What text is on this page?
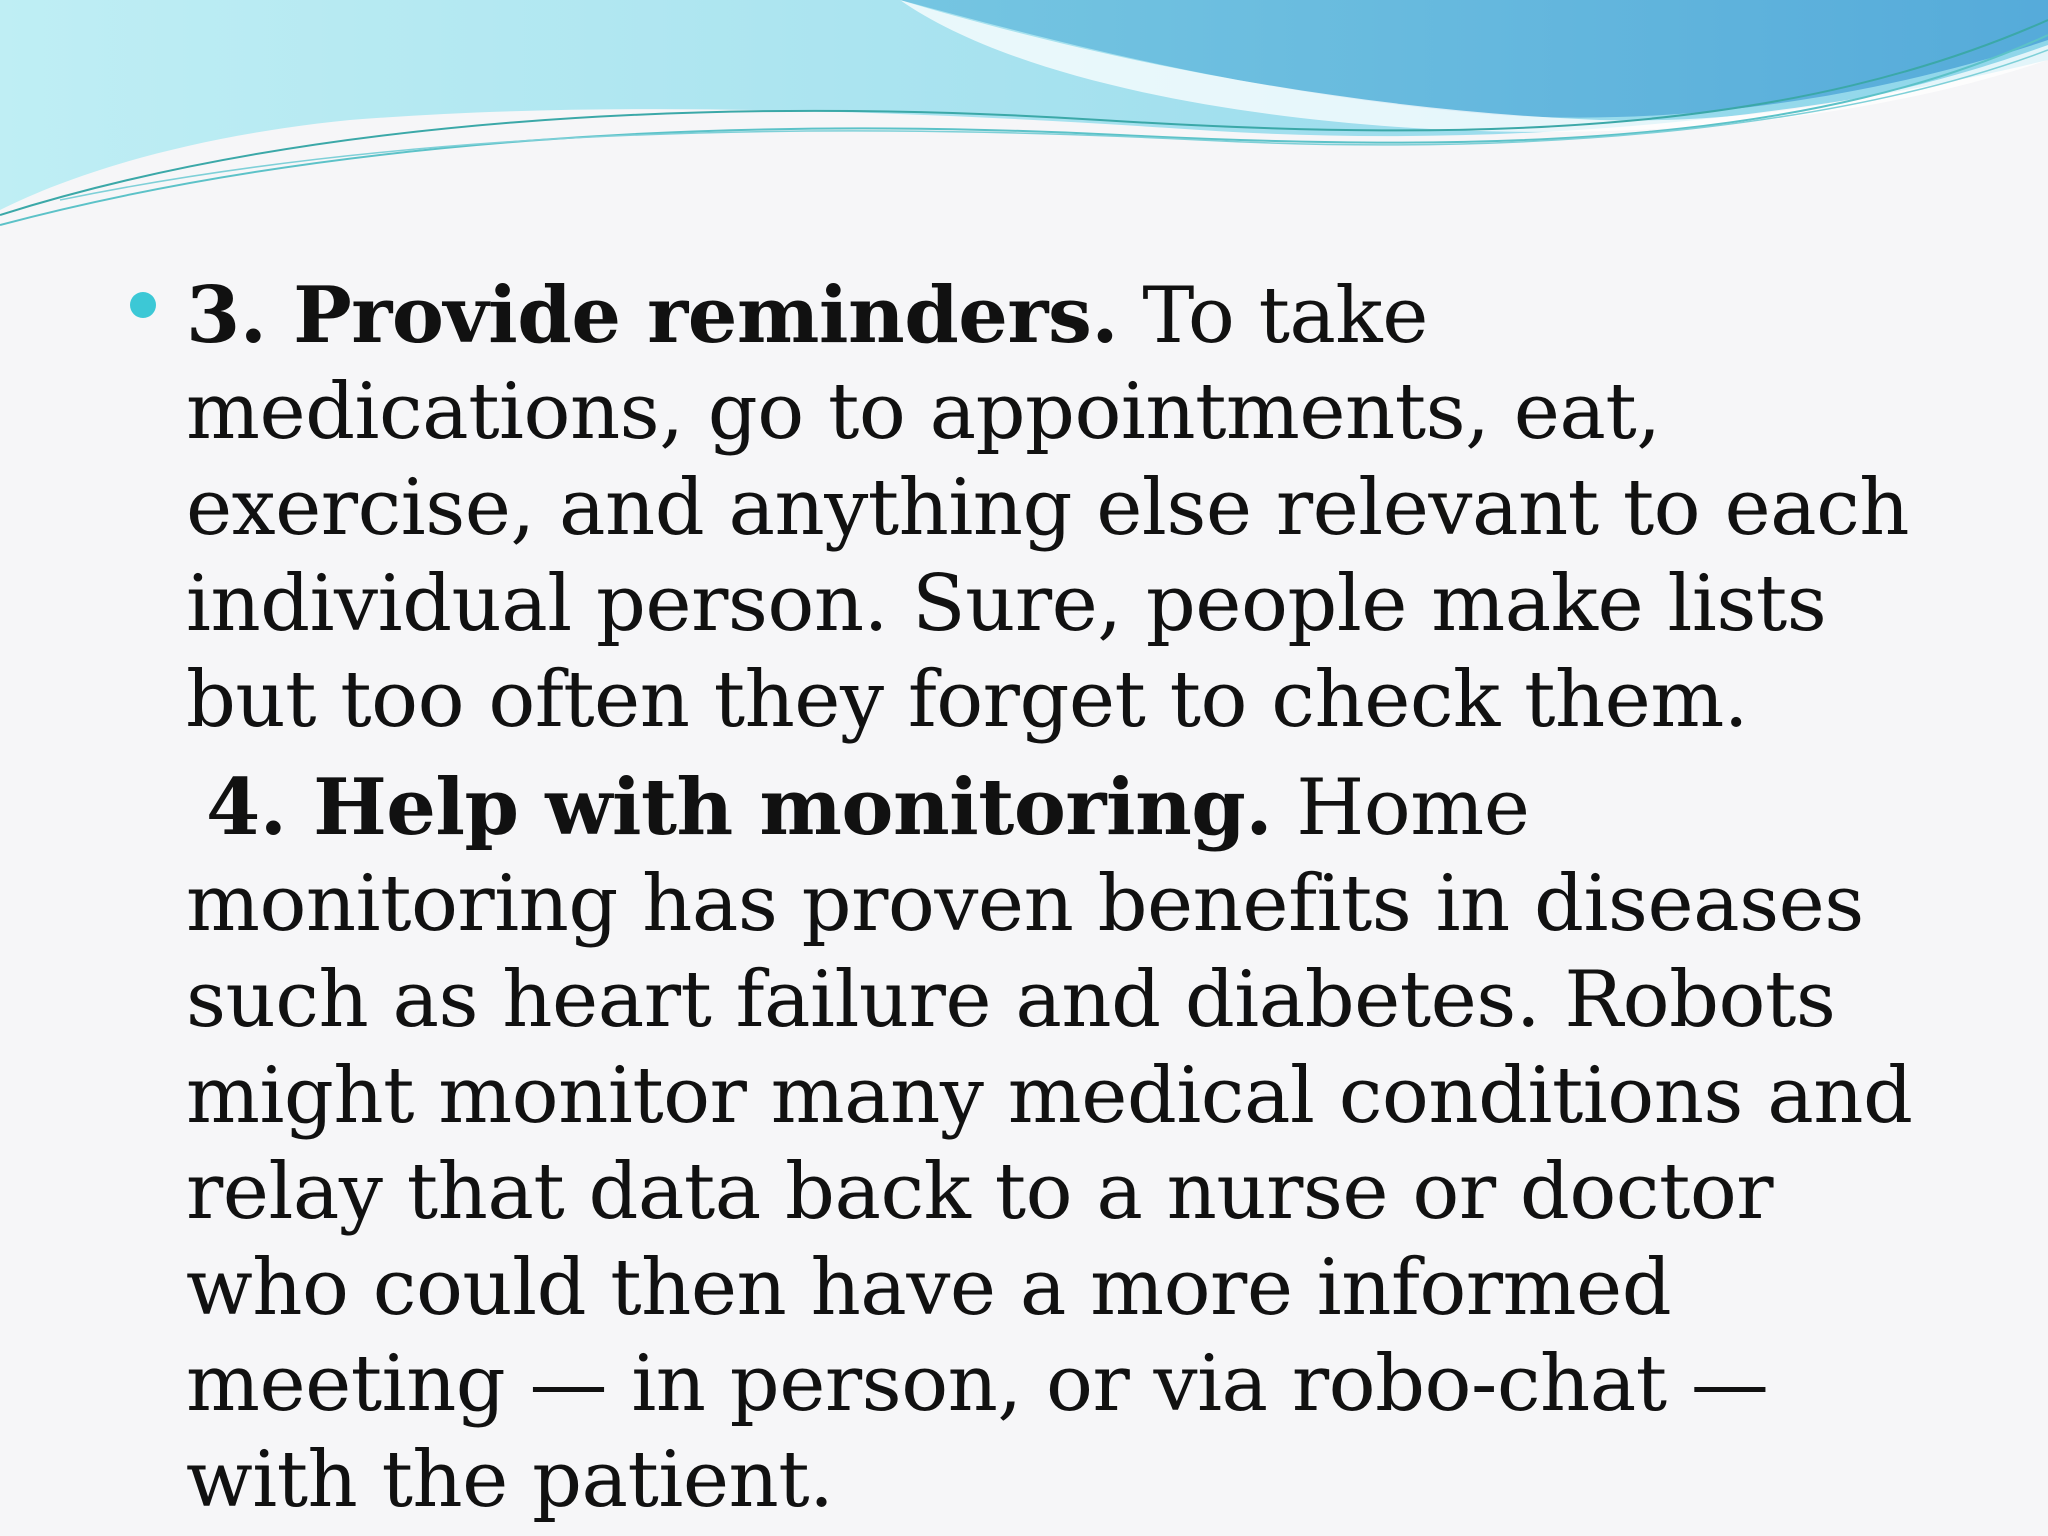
3. Provide reminders. To take medications, go to appointments, eat, exercise, and anything else relevant to each individual person. Sure, people make lists but too often they forget to check them.

4. Help with monitoring. Home monitoring has proven benefits in diseases such as heart failure and diabetes. Robots might monitor many medical conditions and relay that data back to a nurse or doctor who could then have a more informed meeting — in person, or via robo-chat — with the patient.
